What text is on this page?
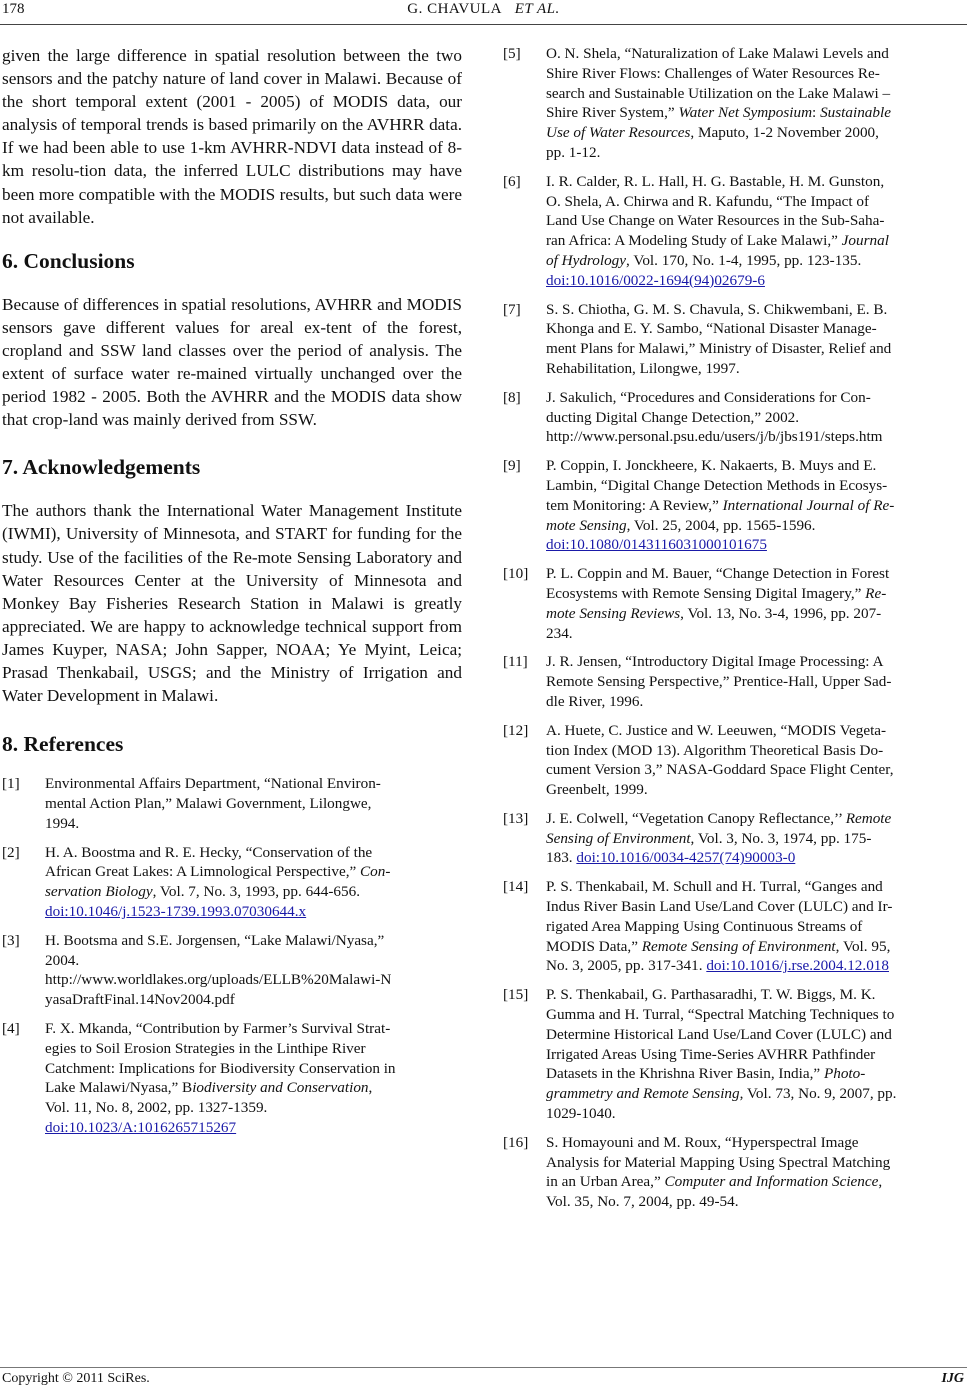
178	G. CHAVULA ET AL.

given the large difference in spatial resolution between the two sensors and the patchy nature of land cover in Malawi. Because of the short temporal extent (2001 - 2005) of MODIS data, our analysis of temporal trends is based primarily on the AVHRR data. If we had been able to use 1-km AVHRR-NDVI data instead of 8-km resolu-tion data, the inferred LULC distributions may have been more compatible with the MODIS results, but such data were not available.

6. Conclusions

Because of differences in spatial resolutions, AVHRR and MODIS sensors gave different values for areal ex-tent of the forest, cropland and SSW land classes over the period of analysis. The extent of surface water re-mained virtually unchanged over the period 1982 - 2005. Both the AVHRR and the MODIS data show that crop-land was mainly derived from SSW.

7. Acknowledgements

The authors thank the International Water Management Institute (IWMI), University of Minnesota, and START for funding for the study. Use of the facilities of the Re-mote Sensing Laboratory and Water Resources Center at the University of Minnesota and Monkey Bay Fisheries Research Station in Malawi is greatly appreciated. We are happy to acknowledge technical support from James Kuyper, NASA; John Sapper, NOAA; Ye Myint, Leica; Prasad Thenkabail, USGS; and the Ministry of Irrigation and Water Development in Malawi.

8. References
[1] Environmental Affairs Department, “National Environ-
mental Action Plan,” Malawi Government, Lilongwe,
1994.
[2] H. A. Boostma and R. E. Hecky, “Conservation of the
African Great Lakes: A Limnological Perspective,” Con-
servation Biology, Vol. 7, No. 3, 1993, pp. 644-656.
doi:10.1046/j.1523-1739.1993.07030644.x
[3] H. Bootsma and S.E. Jorgensen, “Lake Malawi/Nyasa,”
2004.
http://www.worldlakes.org/uploads/ELLB%20Malawi-N
yasaDraftFinal.14Nov2004.pdf
[4] F. X. Mkanda, “Contribution by Farmer’s Survival Strat-
egies to Soil Erosion Strategies in the Linthipe River
Catchment: Implications for Biodiversity Conservation in
Lake Malawi/Nyasa,” Biodiversity and Conservation,
Vol. 11, No. 8, 2002, pp. 1327-1359.
doi:10.1023/A:1016265715267
[5] O. N. Shela, “Naturalization of Lake Malawi Levels and
Shire River Flows: Challenges of Water Resources Re-
search and Sustainable Utilization on the Lake Malawi –
Shire River System,” Water Net Symposium: Sustainable
Use of Water Resources, Maputo, 1-2 November 2000,
pp. 1-12.
[6] I. R. Calder, R. L. Hall, H. G. Bastable, H. M. Gunston,
O. Shela, A. Chirwa and R. Kafundu, “The Impact of
Land Use Change on Water Resources in the Sub-Saha-
ran Africa: A Modeling Study of Lake Malawi,” Journal
of Hydrology, Vol. 170, No. 1-4, 1995, pp. 123-135.
doi:10.1016/0022-1694(94)02679-6
[7] S. S. Chiotha, G. M. S. Chavula, S. Chikwembani, E. B.
Khonga and E. Y. Sambo, “National Disaster Manage-
ment Plans for Malawi,” Ministry of Disaster, Relief and
Rehabilitation, Lilongwe, 1997.
[8] J. Sakulich, “Procedures and Considerations for Con-
ducting Digital Change Detection,” 2002.
http://www.personal.psu.edu/users/j/b/jbs191/steps.htm
[9] P. Coppin, I. Jonckheere, K. Nakaerts, B. Muys and E.
Lambin, “Digital Change Detection Methods in Ecosys-
tem Monitoring: A Review,” International Journal of Re-
mote Sensing, Vol. 25, 2004, pp. 1565-1596.
doi:10.1080/0143116031000101675
[10] P. L. Coppin and M. Bauer, “Change Detection in Forest
Ecosystems with Remote Sensing Digital Imagery,” Re-
mote Sensing Reviews, Vol. 13, No. 3-4, 1996, pp. 207-
234.
[11] J. R. Jensen, “Introductory Digital Image Processing: A
Remote Sensing Perspective,” Prentice-Hall, Upper Sad-
dle River, 1996.
[12] A. Huete, C. Justice and W. Leeuwen, “MODIS Vegeta-
tion Index (MOD 13). Algorithm Theoretical Basis Do-
cument Version 3,” NASA-Goddard Space Flight Center,
Greenbelt, 1999.
[13] J. E. Colwell, “Vegetation Canopy Reflectance,’’ Remote
Sensing of Environment, Vol. 3, No. 3, 1974, pp. 175-
183. doi:10.1016/0034-4257(74)90003-0
[14] P. S. Thenkabail, M. Schull and H. Turral, “Ganges and
Indus River Basin Land Use/Land Cover (LULC) and Ir-
rigated Area Mapping Using Continuous Streams of
MODIS Data,” Remote Sensing of Environment, Vol. 95,
No. 3, 2005, pp. 317-341. doi:10.1016/j.rse.2004.12.018
[15] P. S. Thenkabail, G. Parthasaradhi, T. W. Biggs, M. K.
Gumma and H. Turral, “Spectral Matching Techniques to
Determine Historical Land Use/Land Cover (LULC) and
Irrigated Areas Using Time-Series AVHRR Pathfinder
Datasets in the Khrishna River Basin, India,” Photo-
grammetry and Remote Sensing, Vol. 73, No. 9, 2007, pp.
1029-1040.
[16] S. Homayouni and M. Roux, “Hyperspectral Image
Analysis for Material Mapping Using Spectral Matching
in an Urban Area,” Computer and Information Science,
Vol. 35, No. 7, 2004, pp. 49-54.
Copyright © 2011 SciRes.	IJG
